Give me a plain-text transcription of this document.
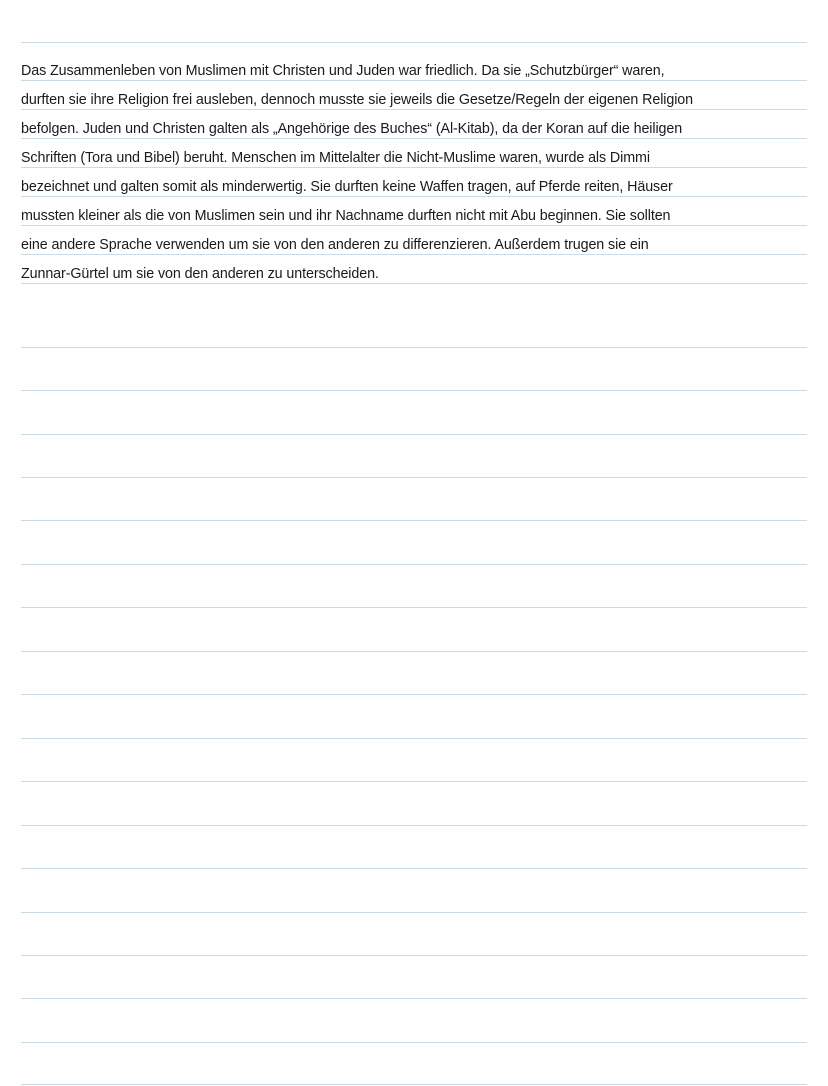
Das Zusammenleben von Muslimen mit Christen und Juden war friedlich. Da sie „Schutzbürger“ waren,
durften sie ihre Religion frei ausleben, dennoch musste sie jeweils die Gesetze/Regeln der eigenen Religion
befolgen. Juden und Christen galten als „Angehörige des Buches“ (Al-Kitab), da der Koran auf die heiligen
Schriften (Tora und Bibel) beruht. Menschen im Mittelalter die Nicht-Muslime waren, wurde als Dimmi
bezeichnet und galten somit als minderwertig. Sie durften keine Waffen tragen, auf Pferde reiten, Häuser
mussten kleiner als die von Muslimen sein und ihr Nachname durften nicht mit Abu beginnen. Sie sollten
eine andere Sprache verwenden um sie von den anderen zu differenzieren. Außerdem trugen sie ein
Zunnar-Gürtel um sie von den anderen zu unterscheiden.
